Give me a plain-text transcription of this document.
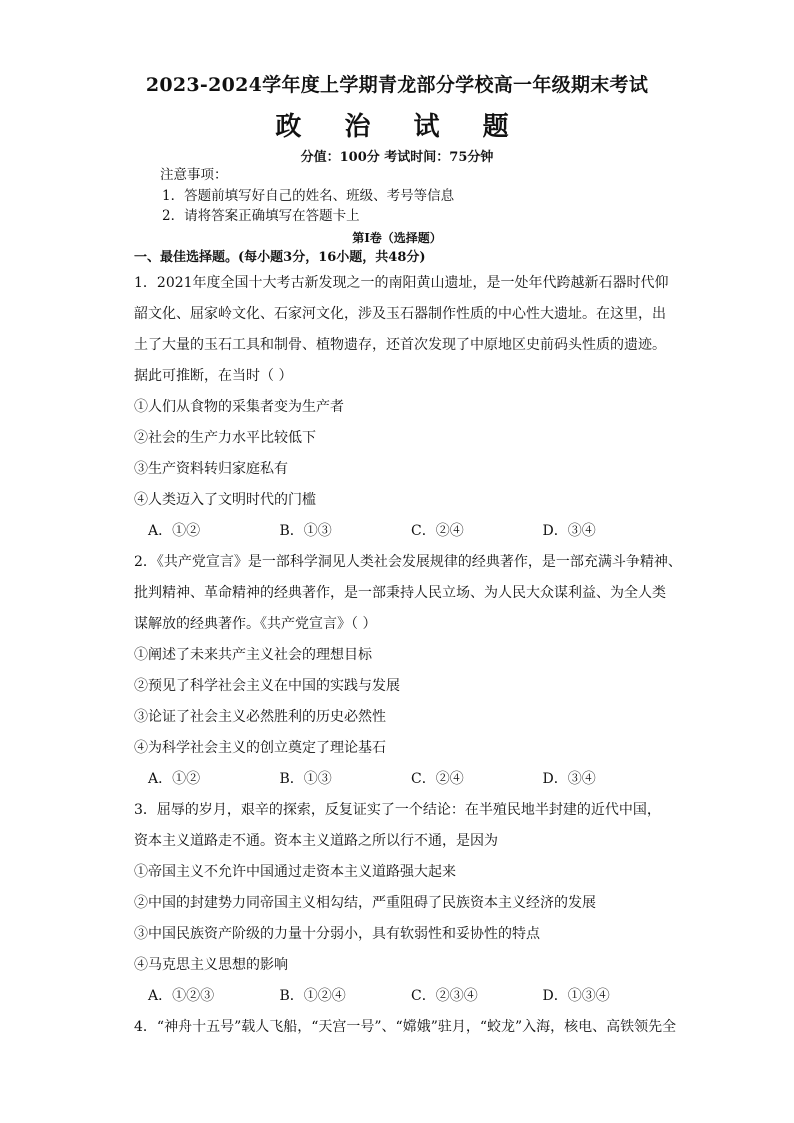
2023-2024学年度上学期青龙部分学校高一年级期末考试
政 治 试 题
分值：100分 考试时间：75分钟
注意事项：
1．答题前填写好自己的姓名、班级、考号等信息
2．请将答案正确填写在答题卡上
第I卷（选择题）
一、最佳选择题。(每小题3分，16小题，共48分)
1．2021年度全国十大考古新发现之一的南阳黄山遗址，是一处年代跨越新石器时代仰
韶文化、屈家岭文化、石家河文化，涉及玉石器制作性质的中心性大遗址。在这里，出
土了大量的玉石工具和制骨、植物遗存，还首次发现了中原地区史前码头性质的遗迹。
据此可推断，在当时（ ）
①人们从食物的采集者变为生产者
②社会的生产力水平比较低下
③生产资料转归家庭私有
④人类迈入了文明时代的门槛
A．①②	B．①③	C．②④	D．③④
2．《共产党宣言》是一部科学洞见人类社会发展规律的经典著作，是一部充满斗争精神、
批判精神、革命精神的经典著作，是一部秉持人民立场、为人民大众谋利益、为全人类
谋解放的经典著作。《共产党宣言》（ ）
①阐述了未来共产主义社会的理想目标
②预见了科学社会主义在中国的实践与发展
③论证了社会主义必然胜利的历史必然性
④为科学社会主义的创立奠定了理论基石
A．①②	B．①③	C．②④	D．③④
3．屈辱的岁月，艰辛的探索，反复证实了一个结论：在半殖民地半封建的近代中国，
资本主义道路走不通。资本主义道路之所以行不通，是因为
①帝国主义不允许中国通过走资本主义道路强大起来
②中国的封建势力同帝国主义相勾结，严重阻碍了民族资本主义经济的发展
③中国民族资产阶级的力量十分弱小，具有软弱性和妥协性的特点
④马克思主义思想的影响
A．①②③	B．①②④	C．②③④	D．①③④
4．“神舟十五号”载人飞船，“天宫一号”、“嫦娥”驻月，“蛟龙”入海，核电、高铁领先全
